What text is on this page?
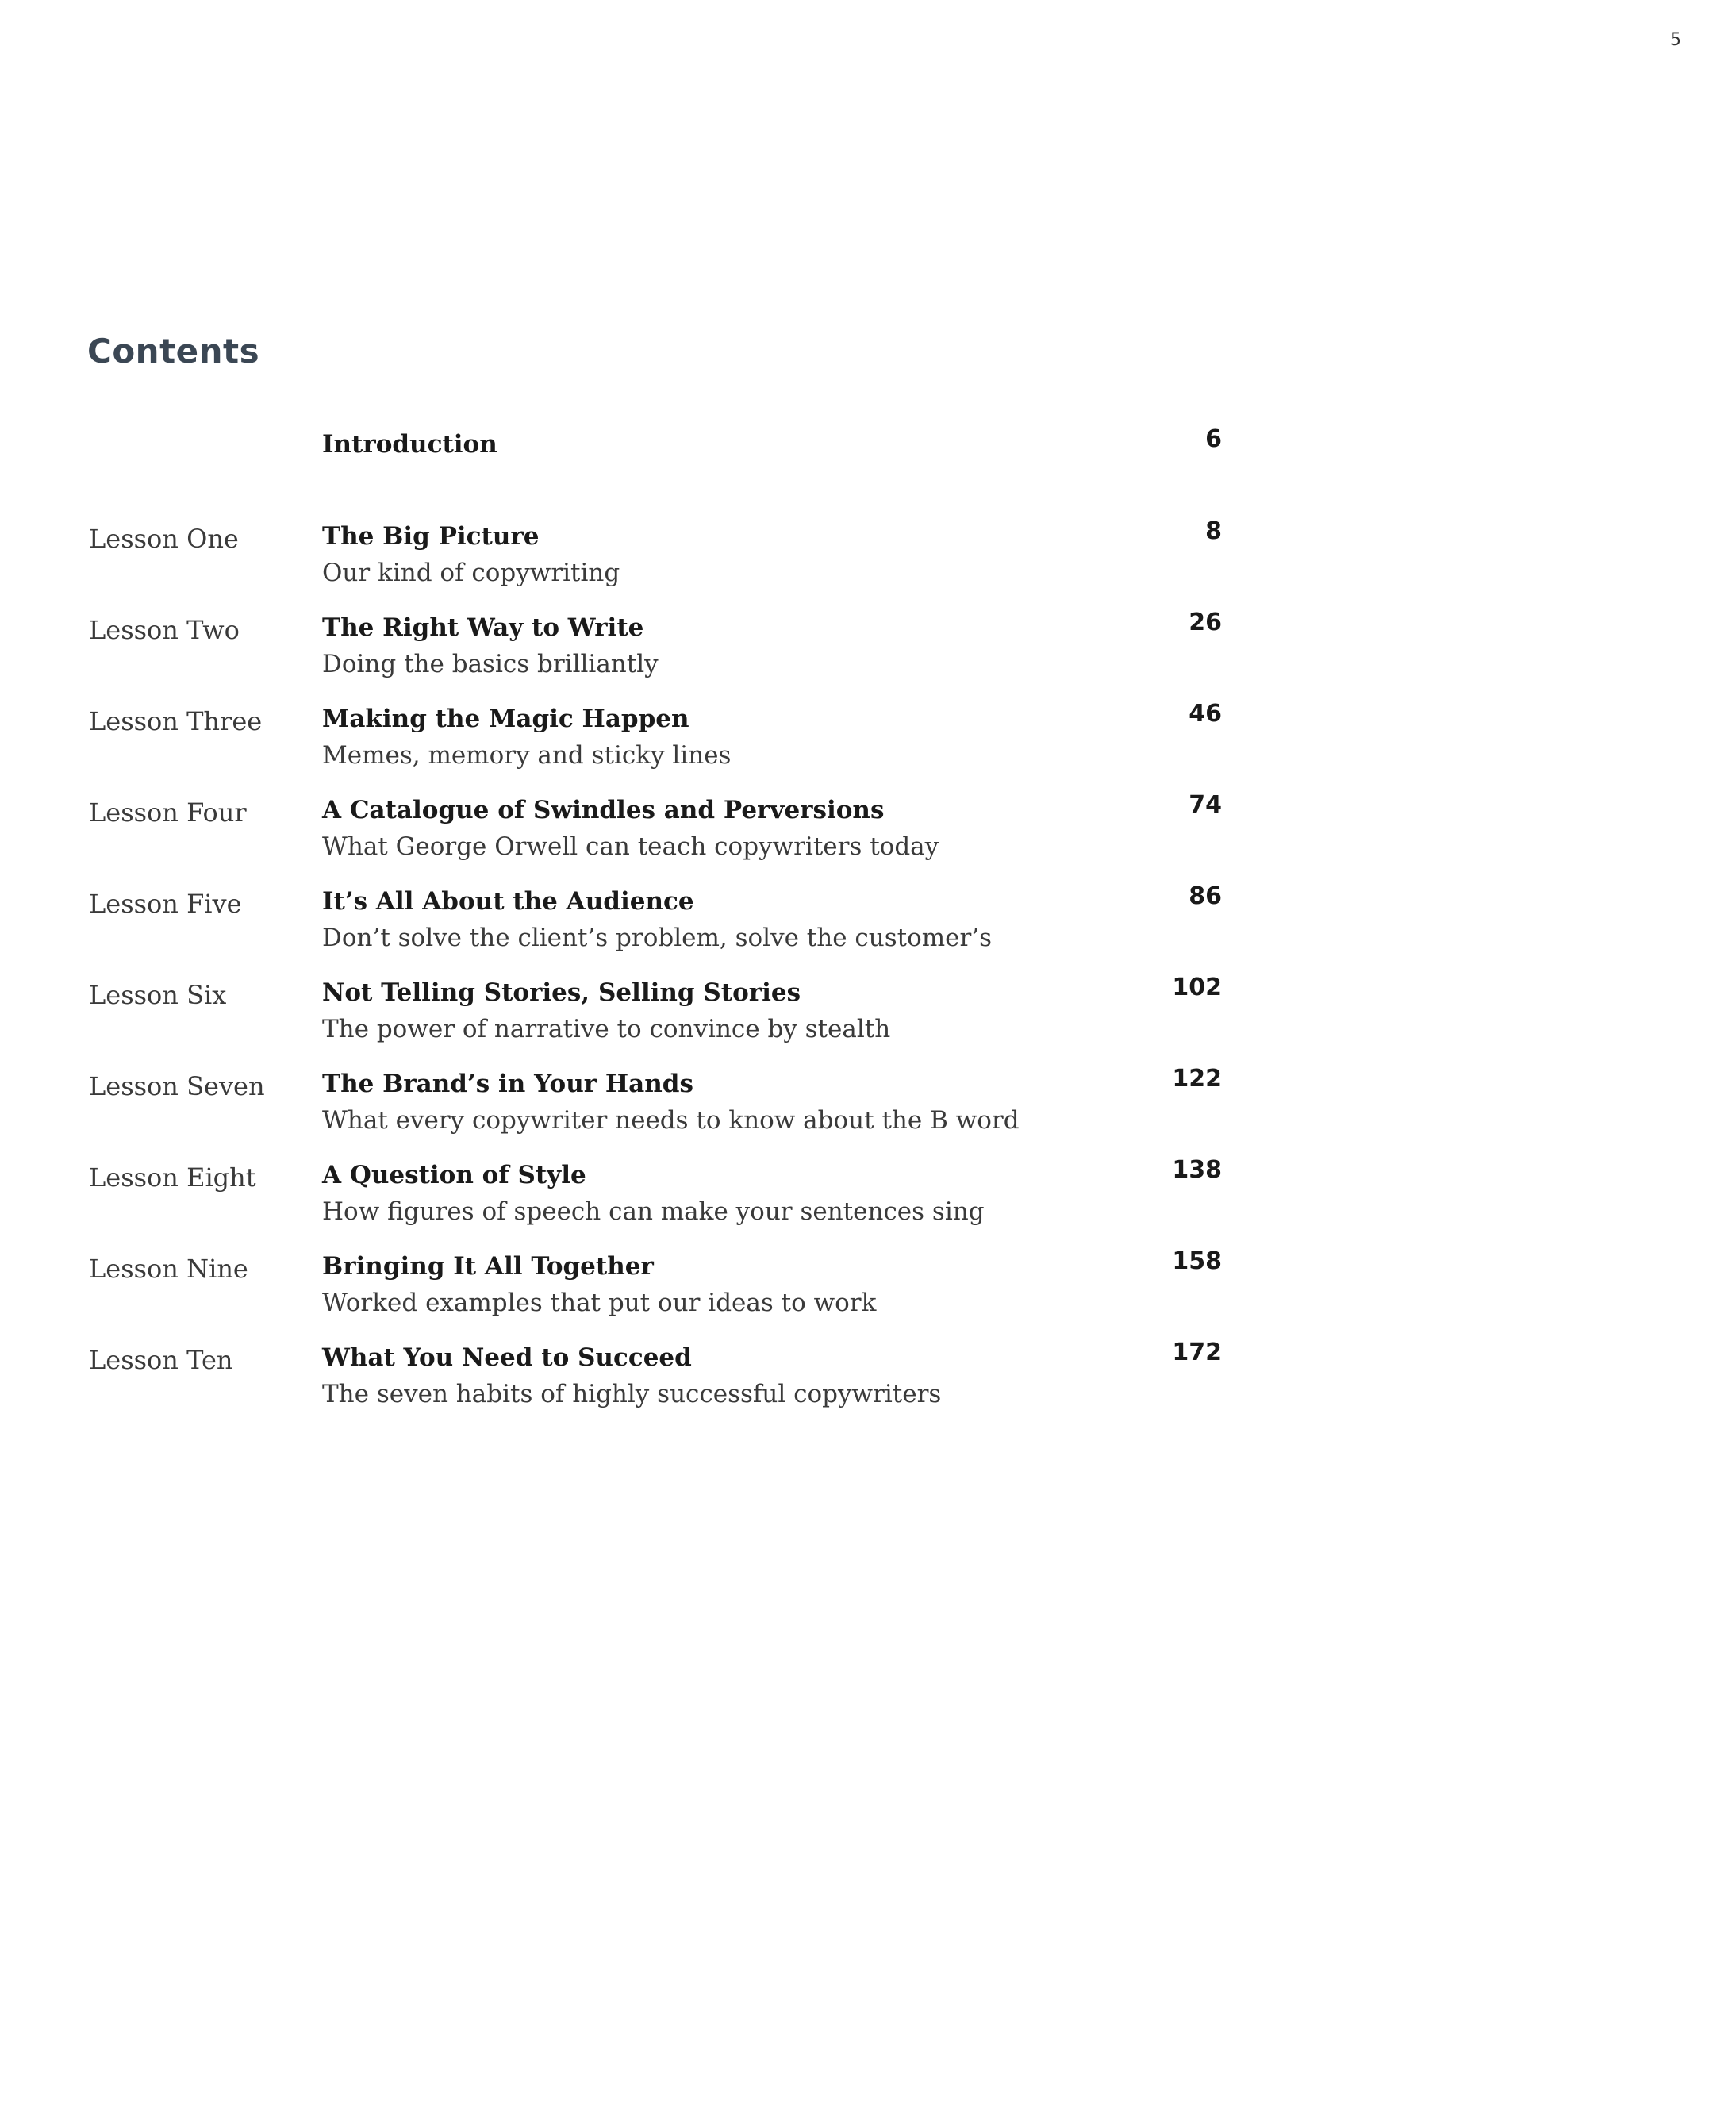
5
Contents
Introduction	6
Lesson One	The Big Picture
Our kind of copywriting
8
Lesson Two	The Right Way to Write
Doing the basics brilliantly
26
Lesson Three Making the Magic Happen
Memes, memory and sticky lines
46
Lesson Four	A Catalogue of Swindles and Perversions
What George Orwell can teach copywriters today
74
Lesson Five	It’s All About the Audience
Don’t solve the client’s problem, solve the customer’s
86
Lesson Six	Not Telling Stories, Selling Stories
The power of narrative to convince by stealth
102
Lesson Seven The Brand’s in Your Hands
What every copywriter needs to know about the B word
122
Lesson Eight	A Question of Style
How figures of speech can make your sentences sing
138
Lesson Nine	Bringing It All Together
Worked examples that put our ideas to work
158
Lesson Ten	What You Need to Succeed
The seven habits of highly successful copywriters
172
